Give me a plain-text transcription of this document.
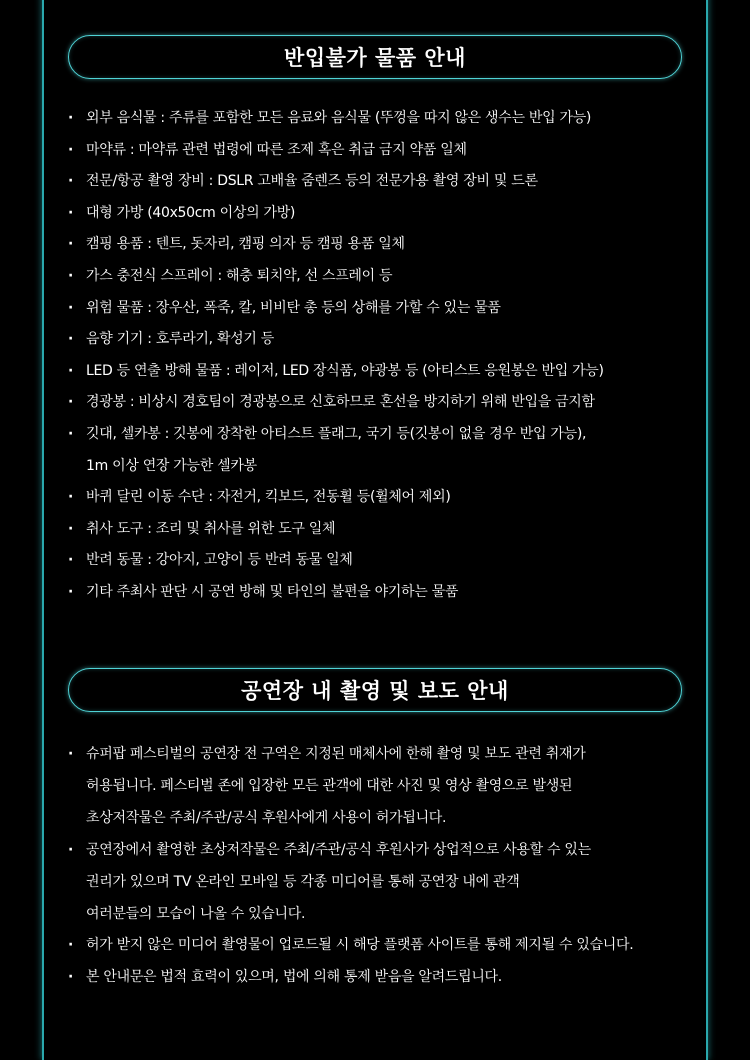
반입불가 물품 안내
· 외부 음식물 : 주류를 포함한 모든 음료와 음식물 (뚜껑을 따지 않은 생수는 반입 가능)
· 마약류 : 마약류 관련 법령에 따른 조제 혹은 취급 금지 약품 일체
· 전문/항공 촬영 장비 : DSLR 고배율 줌렌즈 등의 전문가용 촬영 장비 및 드론
· 대형 가방 (40x50cm 이상의 가방)
· 캠핑 용품 : 텐트, 돗자리, 캠핑 의자 등 캠핑 용품 일체
· 가스 충전식 스프레이 : 해충 퇴치약, 선 스프레이 등
· 위험 물품 : 장우산, 폭죽, 칼, 비비탄 총 등의 상해를 가할 수 있는 물품
· 음향 기기 : 호루라기, 확성기 등
· LED 등 연출 방해 물품 : 레이저, LED 장식품, 야광봉 등 (아티스트 응원봉은 반입 가능)
· 경광봉 : 비상시 경호팀이 경광봉으로 신호하므로 혼선을 방지하기 위해 반입을 금지함
· 깃대, 셀카봉 : 깃봉에 장착한 아티스트 플래그, 국기 등(깃봉이 없을 경우 반입 가능),
1m 이상 연장 가능한 셀카봉
· 바퀴 달린 이동 수단 : 자전거, 킥보드, 전동휠 등(휠체어 제외)
· 취사 도구 : 조리 및 취사를 위한 도구 일체
· 반려 동물 : 강아지, 고양이 등 반려 동물 일체
· 기타 주최사 판단 시 공연 방해 및 타인의 불편을 야기하는 물품
공연장 내 촬영 및 보도 안내
· 슈퍼팝 페스티벌의 공연장 전 구역은 지정된 매체사에 한해 촬영 및 보도 관련 취재가
허용됩니다. 페스티벌 존에 입장한 모든 관객에 대한 사진 및 영상 촬영으로 발생된
초상저작물은 주최/주관/공식 후원사에게 사용이 허가됩니다.
· 공연장에서 촬영한 초상저작물은 주최/주관/공식 후원사가 상업적으로 사용할 수 있는
권리가 있으며 TV 온라인 모바일 등 각종 미디어를 통해 공연장 내에 관객
여러분들의 모습이 나올 수 있습니다.
· 허가 받지 않은 미디어 촬영물이 업로드될 시 해당 플랫폼 사이트를 통해 제지될 수 있습니다.
· 본 안내문은 법적 효력이 있으며, 법에 의해 통제 받음을 알려드립니다.
